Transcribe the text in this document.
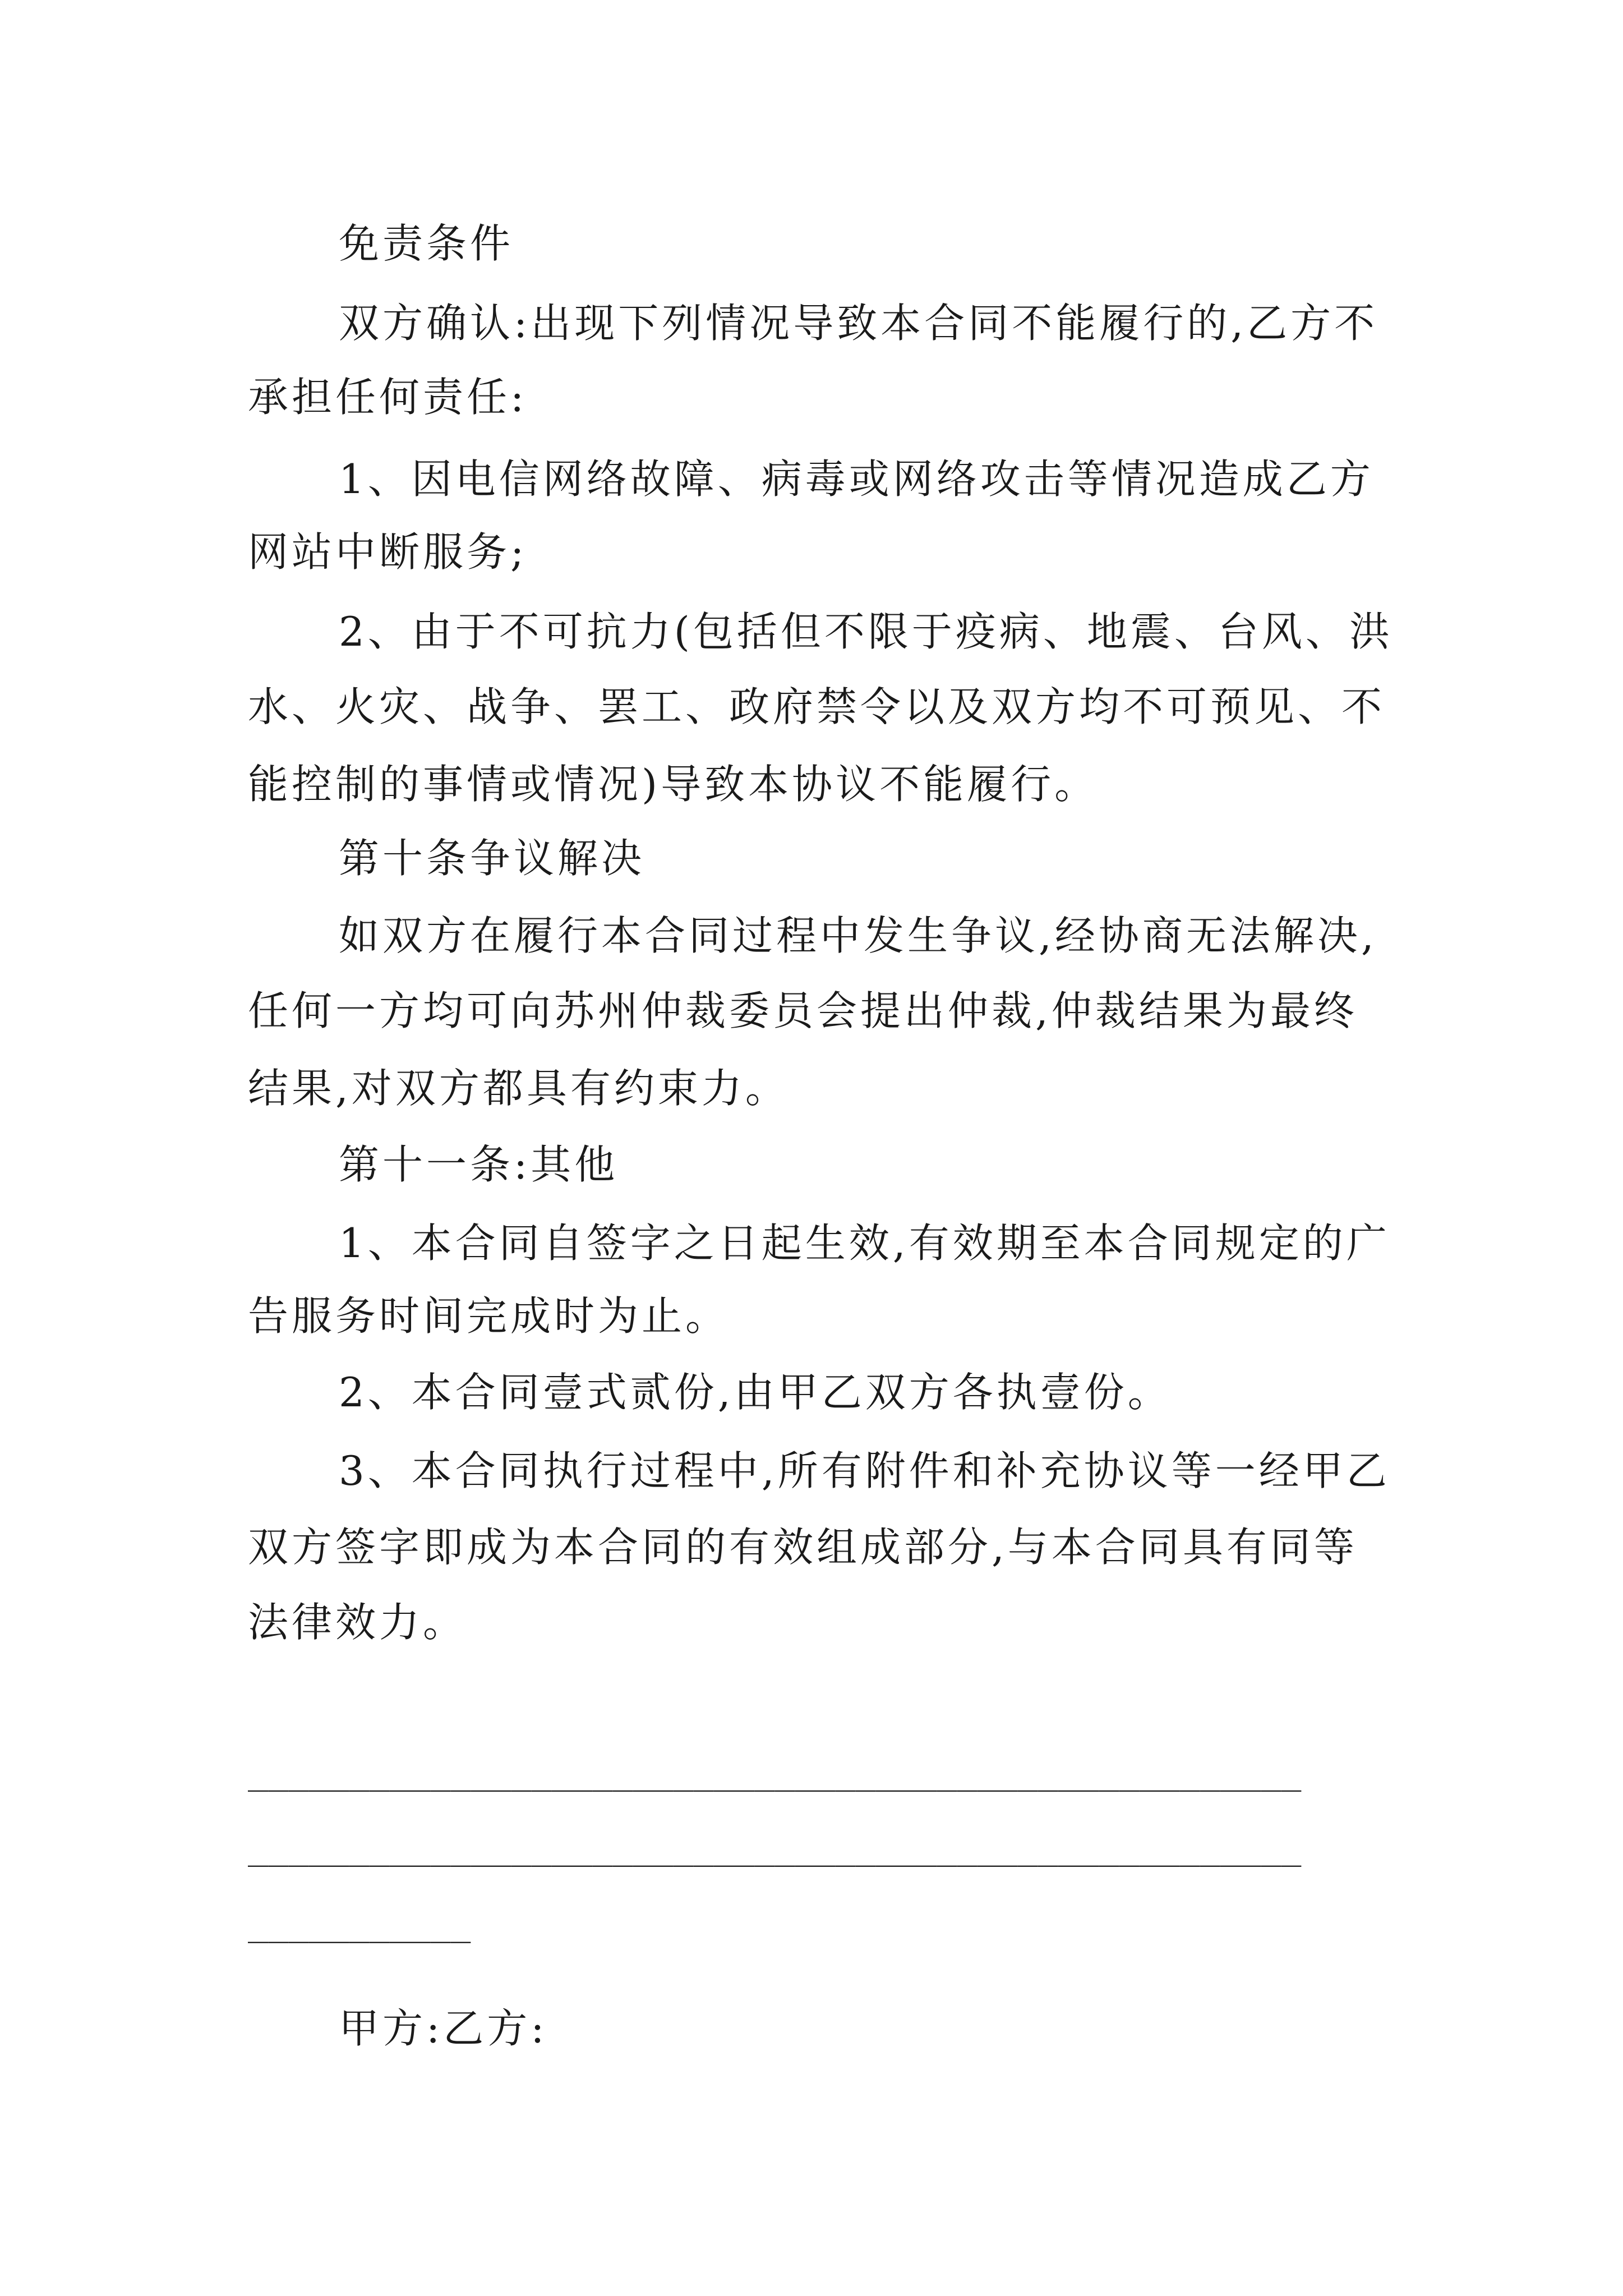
免责条件
双方确认:出现下列情况导致本合同不能履行的,乙方不
承担任何责任:
1、因电信网络故障、病毒或网络攻击等情况造成乙方
网站中断服务;
2、由于不可抗力(包括但不限于疫病、地震、台风、洪
水、火灾、战争、罢工、政府禁令以及双方均不可预见、不
能控制的事情或情况)导致本协议不能履行。
第十条争议解决
如双方在履行本合同过程中发生争议,经协商无法解决,
任何一方均可向苏州仲裁委员会提出仲裁,仲裁结果为最终
结果,对双方都具有约束力。
第十一条:其他
1、本合同自签字之日起生效,有效期至本合同规定的广
告服务时间完成时为止。
2、本合同壹式贰份,由甲乙双方各执壹份。
3、本合同执行过程中,所有附件和补充协议等一经甲乙
双方签字即成为本合同的有效组成部分,与本合同具有同等
法律效力。
____________________________________________________
____________________________________________________
___________
甲方:乙方:
